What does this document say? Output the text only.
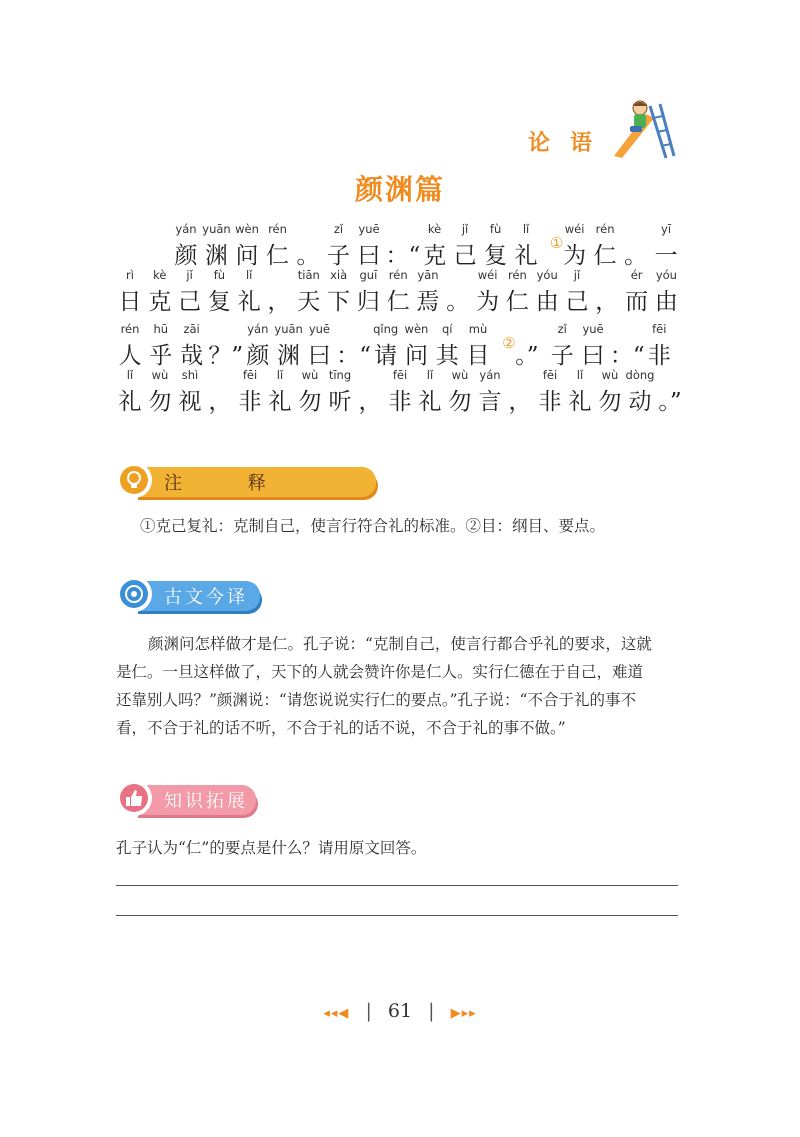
论语
颜渊篇
yán
颜
yuān
渊
wèn
问
rén
仁 。
zǐ
子
yuē
曰 ：“
kè
克
jǐ
己
fù
复
lǐ
礼 ①
wéi
为
rén
仁 。
yī
一
rì
日
kè
克
jǐ
己
fù
复
lǐ
礼 ，
tiān
天
xià
下
guī
归
rén
仁
yān
焉 。
wéi
为
rén
仁
yóu
由
jǐ
己 ，
ér
而
yóu
由
rén
人
hū
乎
zāi
哉 ？”
yán
颜
yuān
渊
yuē
曰 ：“
qǐng
请
wèn
问
qí
其
mù
目 ② 。”
zǐ
子
yuē
曰 ：“
fēi
非
lǐ
礼
wù
勿
shì
视 ，
fēi
非
lǐ
礼
wù
勿
tīng
听 ，
fēi
非
lǐ
礼
wù
勿
yán
言 ，
fēi
非
lǐ
礼
wù
勿
dòng
动 。”
注 释
①克己复礼：克制自己，使言行符合礼的标准。②目：纲目、要点。
古文今译
颜渊问怎样做才是仁。孔子说：“克制自己，使言行都合乎礼的要求，这就
是仁。一旦这样做了，天下的人就会赞许你是仁人。实行仁德在于自己，难道
还靠别人吗？”颜渊说：“请您说说实行仁的要点。”孔子说：“不合于礼的事不
看，不合于礼的话不听，不合于礼的话不说，不合于礼的事不做。”
知识拓展
孔子认为“仁”的要点是什么？请用原文回答。
◂◂◀ | 61 | ▶▸▸
